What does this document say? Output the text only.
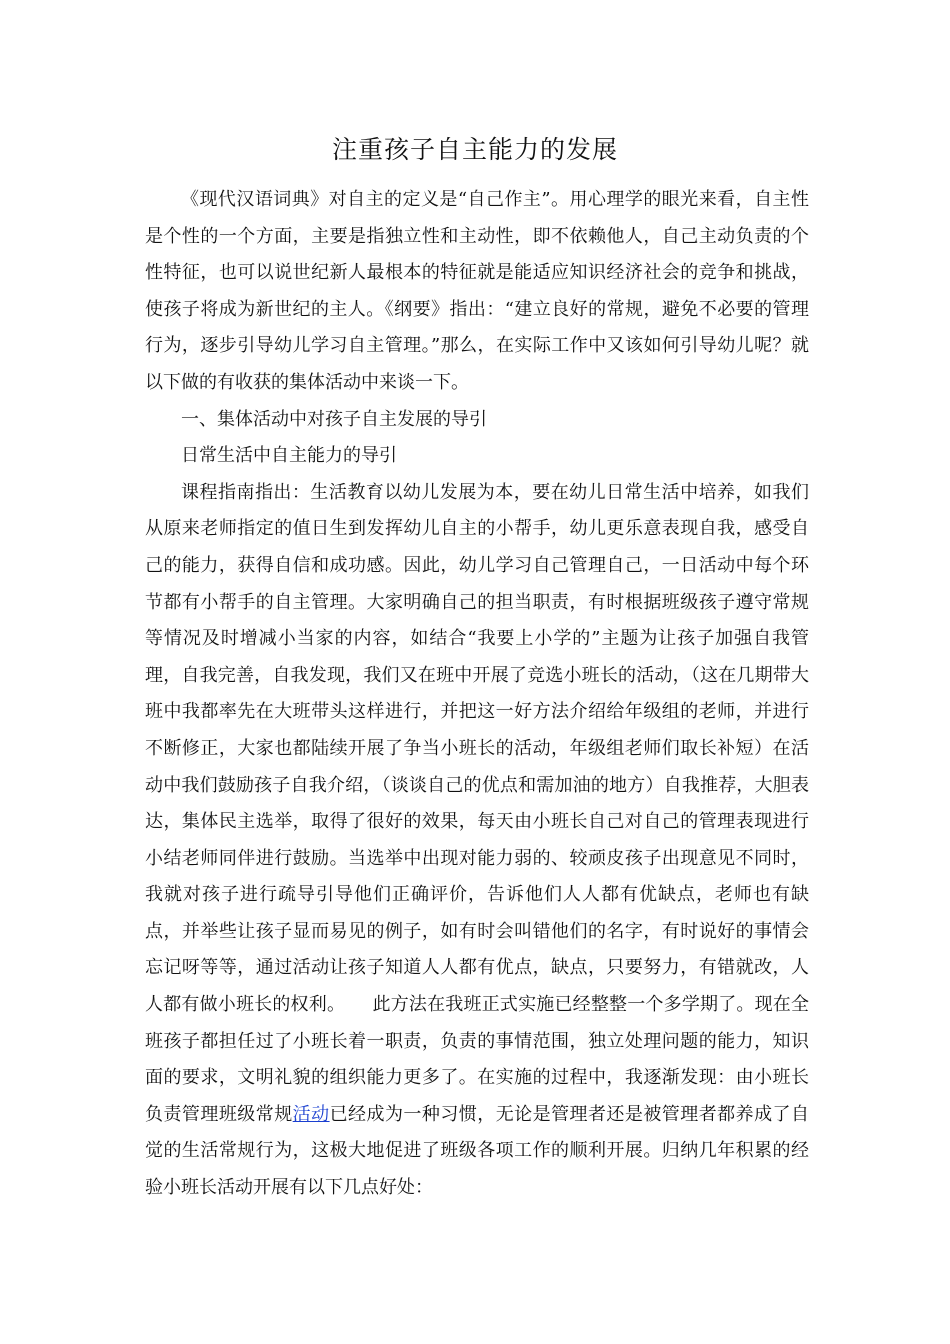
注重孩子自主能力的发展

《现代汉语词典》对自主的定义是“自己作主”。用心理学的眼光来看，自主性是个性的一个方面，主要是指独立性和主动性，即不依赖他人，自己主动负责的个性特征，也可以说世纪新人最根本的特征就是能适应知识经济社会的竞争和挑战，使孩子将成为新世纪的主人。《纲要》指出：“建立良好的常规，避免不必要的管理行为，逐步引导幼儿学习自主管理。”那么，在实际工作中又该如何引导幼儿呢？就以下做的有收获的集体活动中来谈一下。

一、集体活动中对孩子自主发展的导引

日常生活中自主能力的导引

课程指南指出：生活教育以幼儿发展为本，要在幼儿日常生活中培养，如我们从原来老师指定的值日生到发挥幼儿自主的小帮手，幼儿更乐意表现自我，感受自己的能力，获得自信和成功感。因此，幼儿学习自己管理自己，一日活动中每个环节都有小帮手的自主管理。大家明确自己的担当职责，有时根据班级孩子遵守常规等情况及时增减小当家的内容，如结合“我要上小学的”主题为让孩子加强自我管理，自我完善，自我发现，我们又在班中开展了竞选小班长的活动，（这在几期带大班中我都率先在大班带头这样进行，并把这一好方法介绍给年级组的老师，并进行不断修正，大家也都陆续开展了争当小班长的活动，年级组老师们取长补短）在活动中我们鼓励孩子自我介绍，（谈谈自己的优点和需加油的地方）自我推荐，大胆表达，集体民主选举，取得了很好的效果，每天由小班长自己对自己的管理表现进行小结老师同伴进行鼓励。当选举中出现对能力弱的、较顽皮孩子出现意见不同时，我就对孩子进行疏导引导他们正确评价，告诉他们人人都有优缺点，老师也有缺点，并举些让孩子显而易见的例子，如有时会叫错他们的名字，有时说好的事情会忘记呀等等，通过活动让孩子知道人人都有优点，缺点，只要努力，有错就改，人人都有做小班长的权利。　　此方法在我班正式实施已经整整一个多学期了。现在全班孩子都担任过了小班长着一职责，负责的事情范围，独立处理问题的能力，知识面的要求，文明礼貌的组织能力更多了。在实施的过程中，我逐渐发现：由小班长负责管理班级常规活动已经成为一种习惯，无论是管理者还是被管理者都养成了自觉的生活常规行为，这极大地促进了班级各项工作的顺利开展。归纳几年积累的经验小班长活动开展有以下几点好处：
